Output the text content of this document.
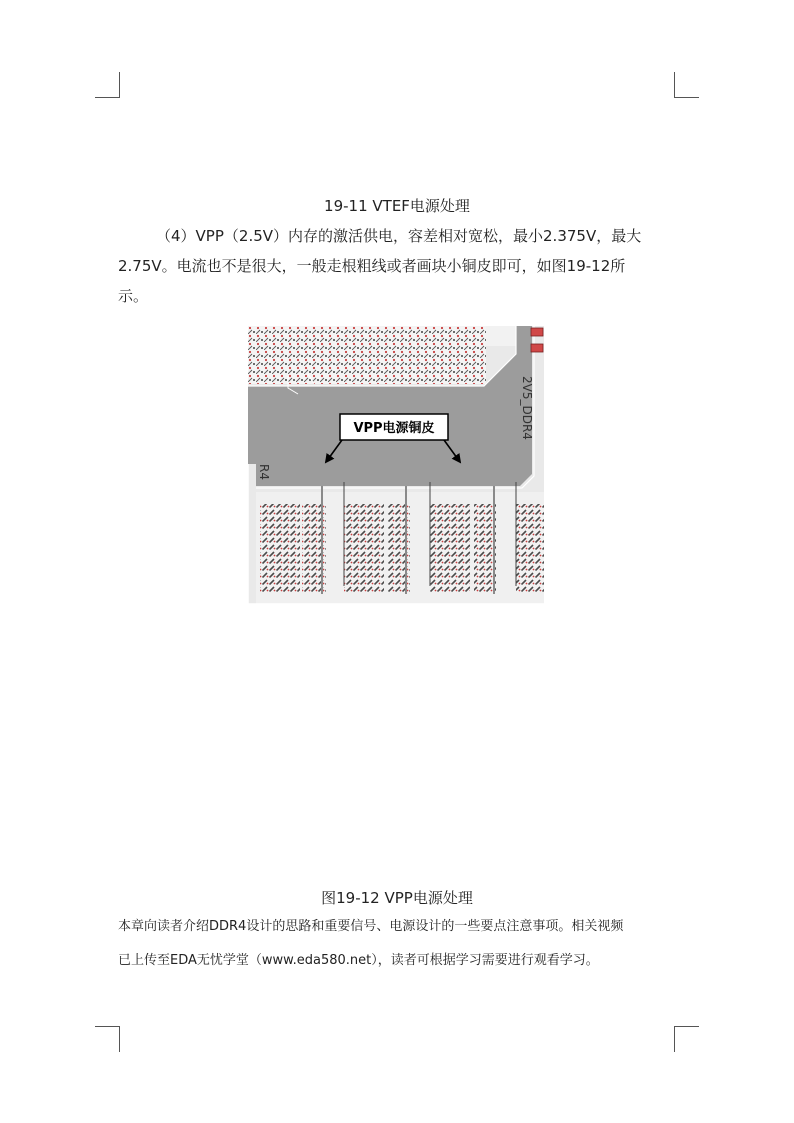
19-11 VTEF电源处理
（4）VPP（2.5V）内存的激活供电，容差相对宽松，最小2.375V，最大
2.75V。电流也不是很大，一般走根粗线或者画块小铜皮即可，如图19-12所
示。
VPP电源铜皮	2V5_DDR4
R4
图19-12 VPP电源处理
本章向读者介绍DDR4设计的思路和重要信号、电源设计的一些要点注意事项。相关视频
已上传至EDA无忧学堂（www.eda580.net），读者可根据学习需要进行观看学习。
